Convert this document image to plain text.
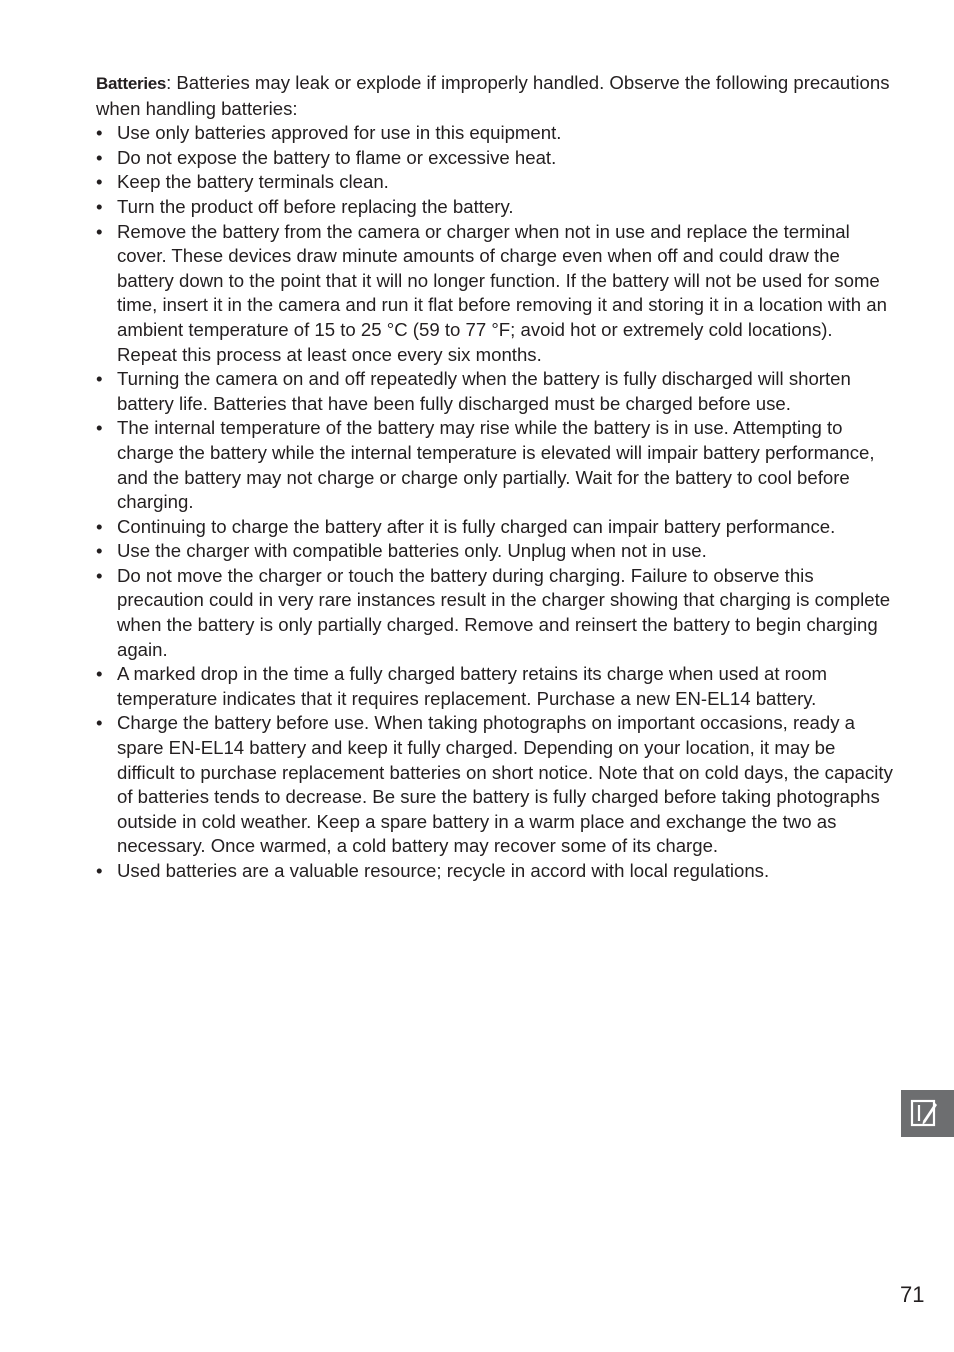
Batteries: Batteries may leak or explode if improperly handled. Observe the following precautions when handling batteries:

• Use only batteries approved for use in this equipment.
• Do not expose the battery to flame or excessive heat.
• Keep the battery terminals clean.
• Turn the product off before replacing the battery.
• Remove the battery from the camera or charger when not in use and replace the terminal cover. These devices draw minute amounts of charge even when off and could draw the battery down to the point that it will no longer function. If the battery will not be used for some time, insert it in the camera and run it flat before removing it and storing it in a location with an ambient temperature of 15 to 25 °C (59 to 77 °F; avoid hot or extremely cold locations). Repeat this process at least once every six months.
• Turning the camera on and off repeatedly when the battery is fully discharged will shorten battery life. Batteries that have been fully discharged must be charged before use.
• The internal temperature of the battery may rise while the battery is in use. Attempting to charge the battery while the internal temperature is elevated will impair battery performance, and the battery may not charge or charge only partially. Wait for the battery to cool before charging.
• Continuing to charge the battery after it is fully charged can impair battery performance.
• Use the charger with compatible batteries only. Unplug when not in use.
• Do not move the charger or touch the battery during charging. Failure to observe this precaution could in very rare instances result in the charger showing that charging is complete when the battery is only partially charged. Remove and reinsert the battery to begin charging again.
• A marked drop in the time a fully charged battery retains its charge when used at room temperature indicates that it requires replacement. Purchase a new EN-EL14 battery.
• Charge the battery before use. When taking photographs on important occasions, ready a spare EN-EL14 battery and keep it fully charged. Depending on your location, it may be difficult to purchase replacement batteries on short notice. Note that on cold days, the capacity of batteries tends to decrease. Be sure the battery is fully charged before taking photographs outside in cold weather. Keep a spare battery in a warm place and exchange the two as necessary. Once warmed, a cold battery may recover some of its charge.
• Used batteries are a valuable resource; recycle in accord with local regulations.
71
